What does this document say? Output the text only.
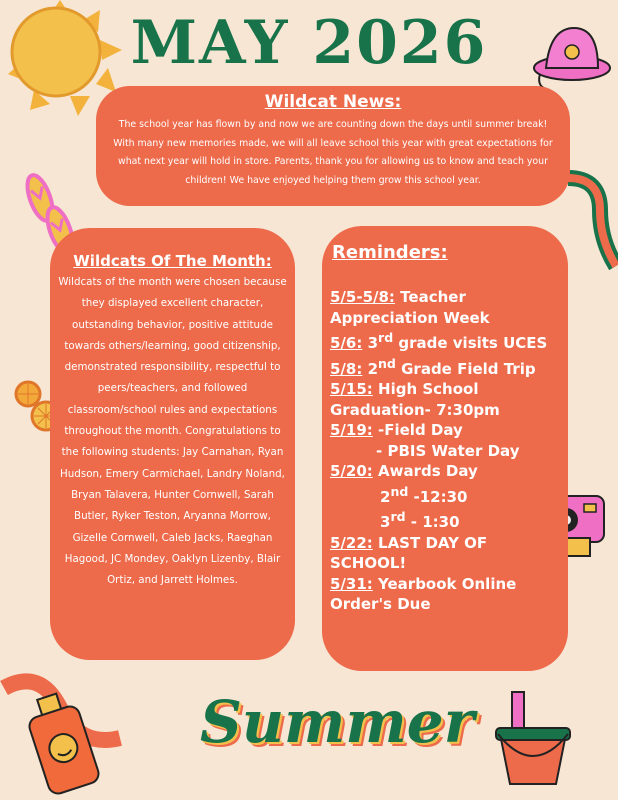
MAY 2026
Wildcat News:

The school year has flown by and now we are counting down the days until summer break! With many new memories made, we will all leave school this year with great expectations for what next year will hold in store. Parents, thank you for allowing us to know and teach your children! We have enjoyed helping them grow this school year.

Wildcats Of The Month:

Wildcats of the month were chosen because they displayed excellent character, outstanding behavior, positive attitude towards others/learning, good citizenship, demonstrated responsibility, respectful to peers/teachers, and followed classroom/school rules and expectations throughout the month. Congratulations to the following students: Jay Carnahan, Ryan Hudson, Emery Carmichael, Landry Noland, Bryan Talavera, Hunter Cornwell, Sarah Butler, Ryker Teston, Aryanna Morrow, Gizelle Cornwell, Caleb Jacks, Raeghan Hagood, JC Mondey, Oaklyn Lizenby, Blair Ortiz, and Jarrett Holmes.

Reminders:
5/5-5/8: Teacher Appreciation Week
5/6: 3rd grade visits UCES
5/8: 2nd Grade Field Trip
5/15: High School Graduation- 7:30pm
5/19: -Field Day
- PBIS Water Day
5/20: Awards Day
2nd -12:30
3rd - 1:30
5/22: LAST DAY OF SCHOOL!
5/31: Yearbook Online Order's Due
Summer
